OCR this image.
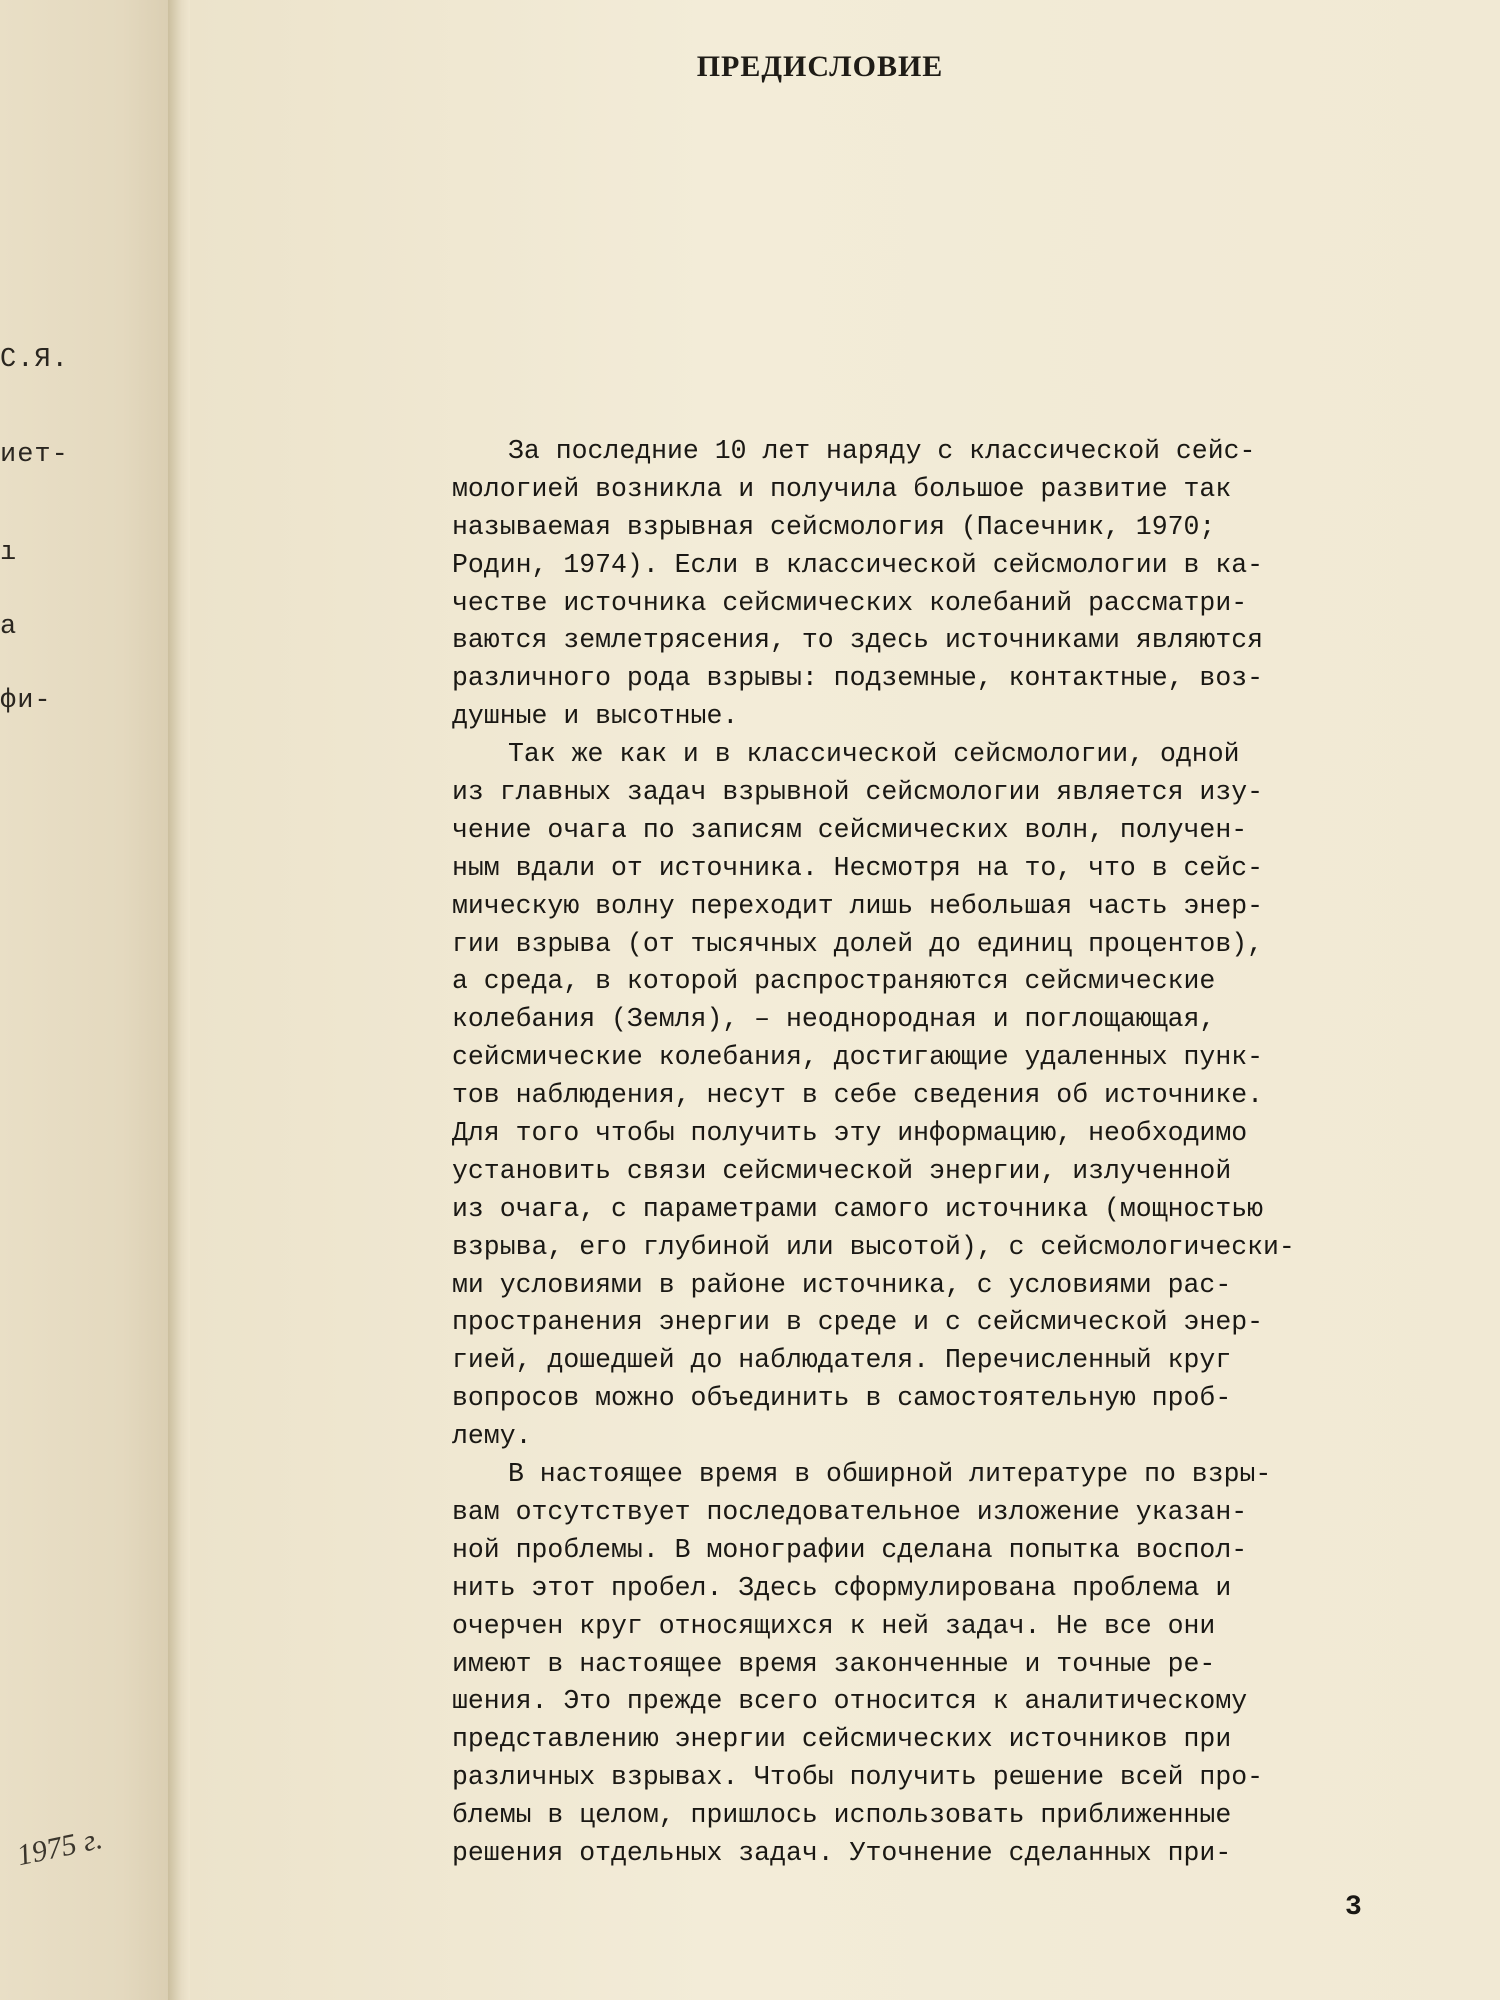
С.Я.
иет-
ı
а
фи-
1975 г.
ПРЕДИСЛОВИЕ
За последние 10 лет наряду с классической сейс-
мологией возникла и получила большое развитие так
называемая взрывная сейсмология (Пасечник, 1970;
Родин, 1974). Если в классической сейсмологии в ка-
честве источника сейсмических колебаний рассматри-
ваются землетрясения, то здесь источниками являются
различного рода взрывы: подземные, контактные, воз-
душные и высотные.
Так же как и в классической сейсмологии, одной
из главных задач взрывной сейсмологии является изу-
чение очага по записям сейсмических волн, получен-
ным вдали от источника. Несмотря на то, что в сейс-
мическую волну переходит лишь небольшая часть энер-
гии взрыва (от тысячных долей до единиц процентов),
а среда, в которой распространяются сейсмические
колебания (Земля), – неоднородная и поглощающая,
сейсмические колебания, достигающие удаленных пунк-
тов наблюдения, несут в себе сведения об источнике.
Для того чтобы получить эту информацию, необходимо
установить связи сейсмической энергии, излученной
из очага, с параметрами самого источника (мощностью
взрыва, его глубиной или высотой), с сейсмологически-
ми условиями в районе источника, с условиями рас-
пространения энергии в среде и с сейсмической энер-
гией, дошедшей до наблюдателя. Перечисленный круг
вопросов можно объединить в самостоятельную проб-
лему.
В настоящее время в обширной литературе по взры-
вам отсутствует последовательное изложение указан-
ной проблемы. В монографии сделана попытка воспол-
нить этот пробел. Здесь сформулирована проблема и
очерчен круг относящихся к ней задач. Не все они
имеют в настоящее время законченные и точные ре-
шения. Это прежде всего относится к аналитическому
представлению энергии сейсмических источников при
различных взрывах. Чтобы получить решение всей про-
блемы в целом, пришлось использовать приближенные
решения отдельных задач. Уточнение сделанных при-
3
